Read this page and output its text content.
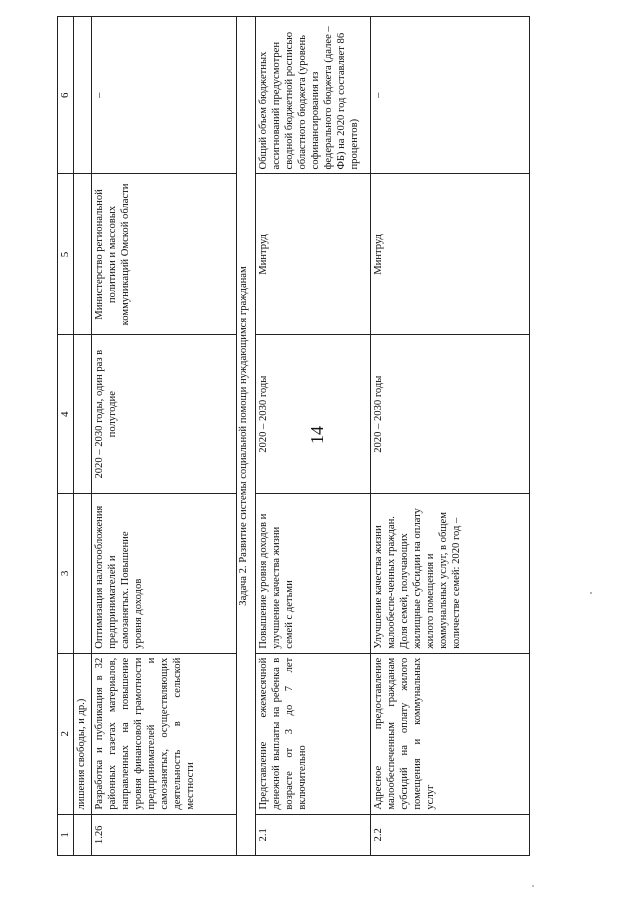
14
1	2	3	4	5	6
	лишения свободы, и др.)				
1.26	Разработка и публикация в 32 районных газетах материалов, направленных на повышение уровня финансовой грамотности предпринимателей и самозанятых, осуществляющих деятельность в сельской местности	Оптимизация налогообложения предпринимателей и самозанятых. Повышение уровня доходов	2020 – 2030 годы, один раз в полугодие	Министерство региональной политики и массовых коммуникаций Омской области	–
Задача 2. Развитие системы социальной помощи нуждающимся гражданам					
2.1	Представление ежемесячной денежной выплаты на ребенка в возрасте от 3 до 7 лет включительно	Повышение уровня доходов и улучшение качества жизни семей с детьми	2020 – 2030 годы	Минтруд	Общий объем бюджетных ассигнований предусмотрен сводной бюджетной росписью областного бюджета (уровень софинансирования из федерального бюджета (далее – ФБ) на 2020 год составляет 86 процентов)
2.2	Адресное предоставление малообеспеченным гражданам субсидий на оплату жилого помещения и коммунальных услуг	Улучшение качества жизни малообеспе-ченных граждан. Доля семей, получающих жилищные субсидии на оплату жилого помещения и коммунальных услуг, в общем количестве семей: 2020 год –	2020 – 2030 годы	Минтруд	–
